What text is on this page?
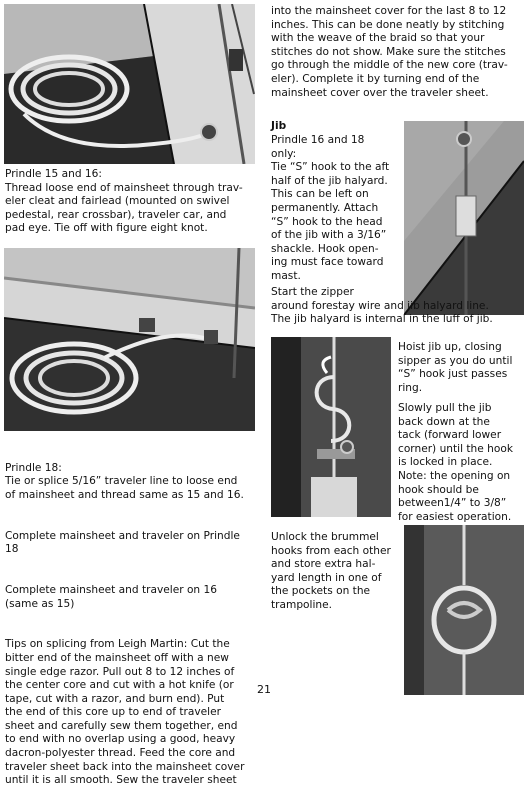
into the mainsheet cover for the last 8 to 12
inches. This can be done neatly by stitching
with the weave of the braid so that your
stitches do not show. Make sure the stitches
go through the middle of the new core (trav-
eler). Complete it by turning end of the
mainsheet cover over the traveler sheet.
Prindle 15 and 16:
Thread loose end of mainsheet through trav-
eler cleat and fairlead (mounted on swivel
pedestal, rear crossbar), traveler car, and
pad eye. Tie off with figure eight knot.
Jib
Prindle 16 and 18
only:
Tie “S” hook to the aft
half of the jib halyard.
This can be left on
permanently. Attach
“S” hook to the head
of the jib with a 3/16”
shackle. Hook open-
ing must face toward
mast.
Start the zipper
around forestay wire and jib halyard line.
The jib halyard is internal in the luff of jib.
Hoist jib up, closing
sipper as you do until
“S” hook just passes
ring.
Slowly pull the jib
back down at the
tack (forward lower
corner) until the hook
is locked in place.
Note: the opening on
hook should be
between1/4” to 3/8”
for easiest operation.
Unlock the brummel
hooks from each other
and store extra hal-
yard length in one of
the pockets on the
trampoline.

Prindle 18:
Tie or splice 5/16” traveler line to loose end
of mainsheet and thread same as 15 and 16.

Complete mainsheet and traveler on Prindle
18

Complete mainsheet and traveler on 16
(same as 15)

Tips on splicing from Leigh Martin: Cut the
bitter end of the mainsheet off with a new
single edge razor. Pull out 8 to 12 inches of
the center core and cut with a hot knife (or
tape, cut with a razor, and burn end). Put
the end of this core up to end of traveler
sheet and carefully sew them together, end
to end with no overlap using a good, heavy
dacron-polyester thread. Feed the core and
traveler sheet back into the mainsheet cover
until it is all smooth. Sew the traveler sheet

21
